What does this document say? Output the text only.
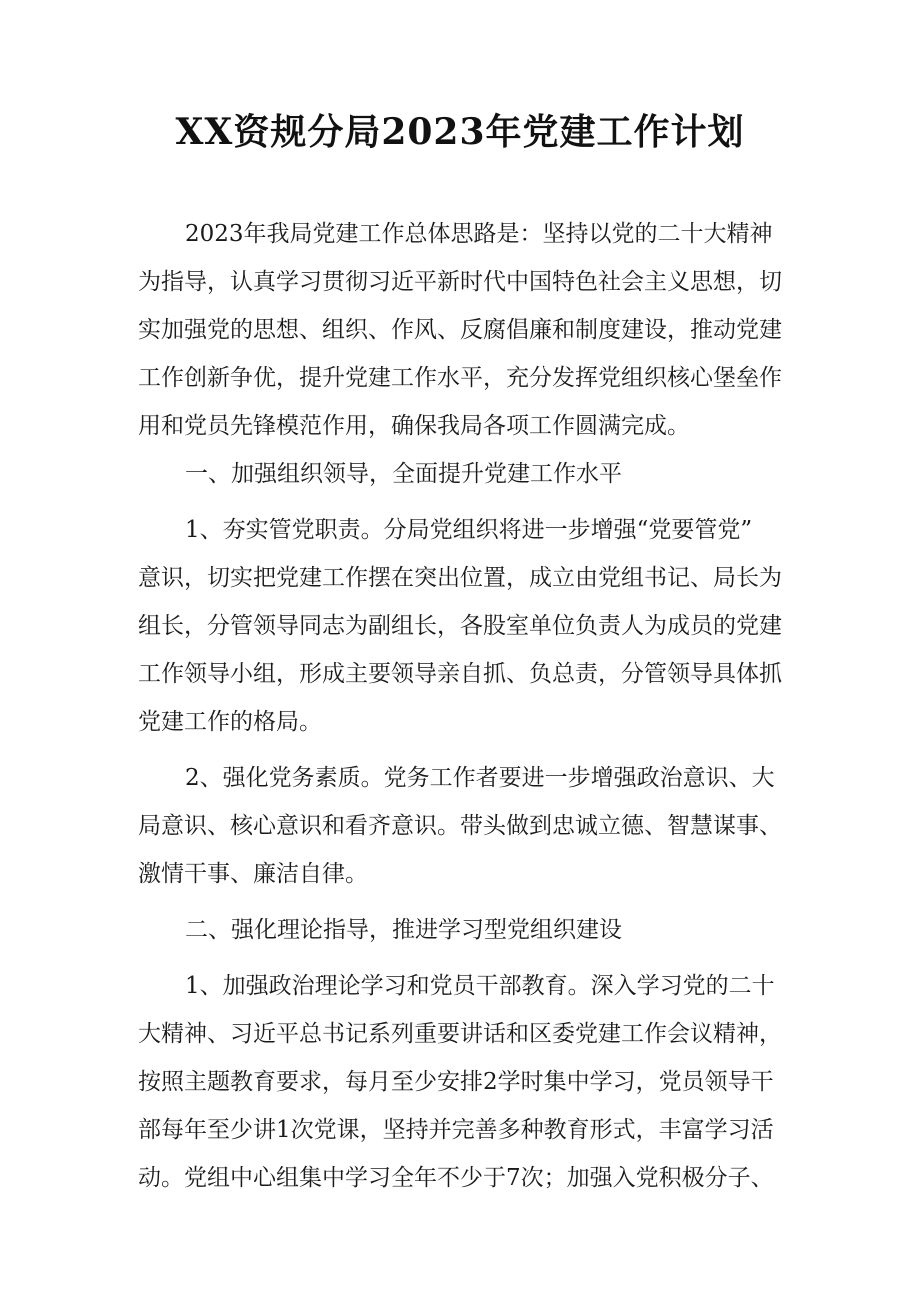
XX资规分局2023年党建工作计划

2023年我局党建工作总体思路是：坚持以党的二十大精神

为指导，认真学习贯彻习近平新时代中国特色社会主义思想，切

实加强党的思想、组织、作风、反腐倡廉和制度建设，推动党建

工作创新争优，提升党建工作水平，充分发挥党组织核心堡垒作

用和党员先锋模范作用，确保我局各项工作圆满完成。

一、加强组织领导，全面提升党建工作水平

1、夯实管党职责。分局党组织将进一步增强“党要管党”

意识，切实把党建工作摆在突出位置，成立由党组书记、局长为

组长，分管领导同志为副组长，各股室单位负责人为成员的党建

工作领导小组，形成主要领导亲自抓、负总责，分管领导具体抓

党建工作的格局。

2、强化党务素质。党务工作者要进一步增强政治意识、大

局意识、核心意识和看齐意识。带头做到忠诚立德、智慧谋事、

激情干事、廉洁自律。

二、强化理论指导，推进学习型党组织建设

1、加强政治理论学习和党员干部教育。深入学习党的二十

大精神、习近平总书记系列重要讲话和区委党建工作会议精神，

按照主题教育要求，每月至少安排2学时集中学习，党员领导干

部每年至少讲1次党课，坚持并完善多种教育形式，丰富学习活

动。党组中心组集中学习全年不少于7次；加强入党积极分子、
